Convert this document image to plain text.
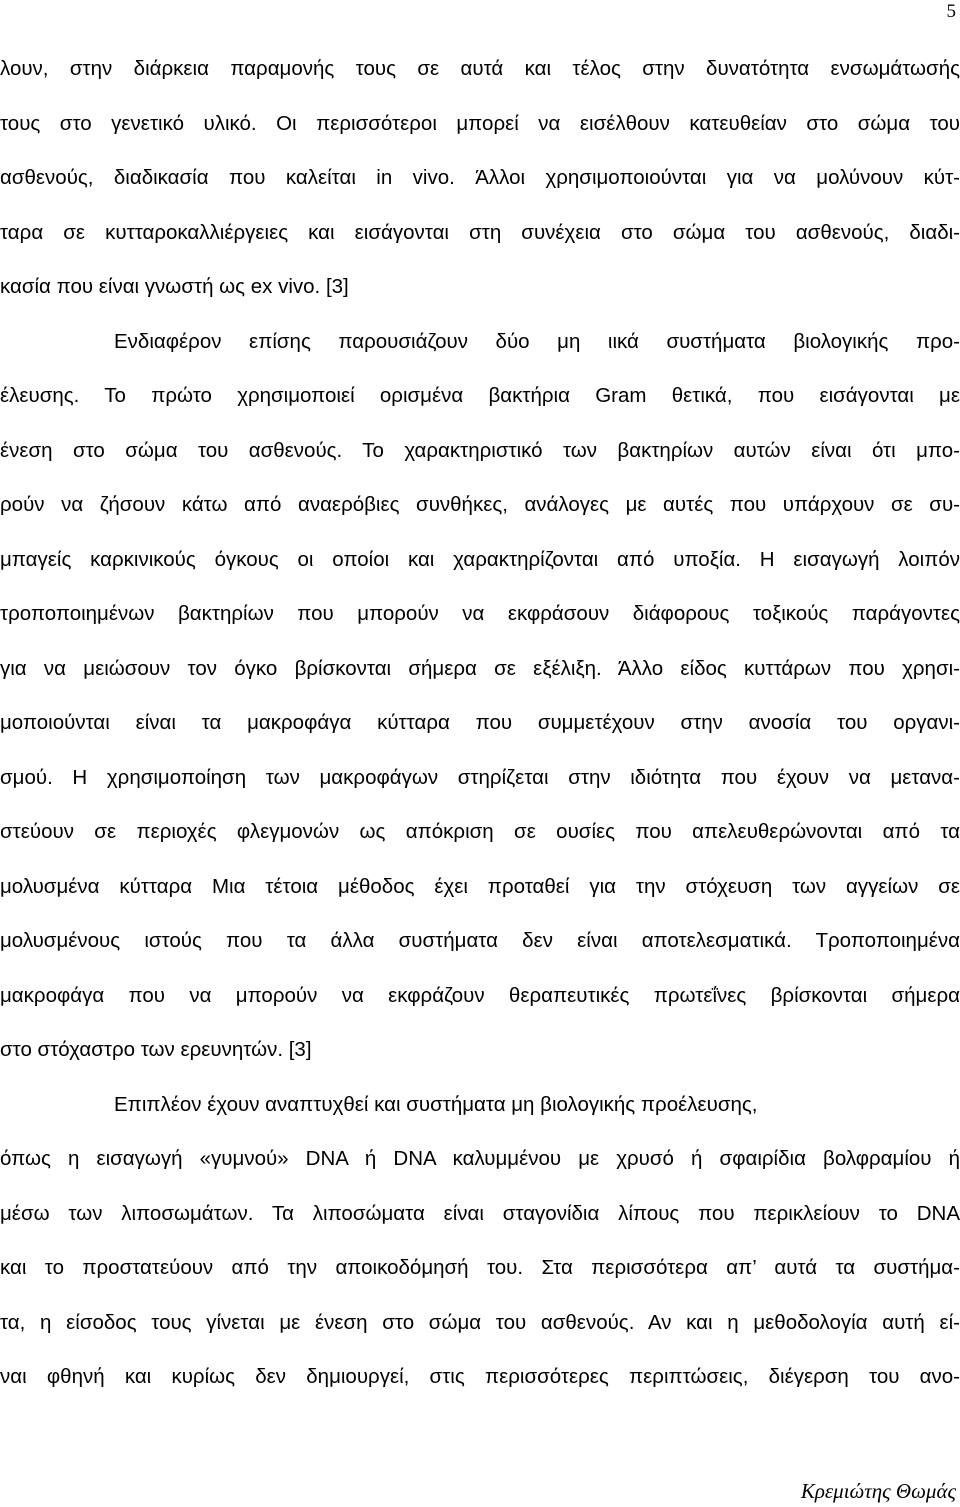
5
λουν, στην διάρκεια παραμονής τους σε αυτά και τέλος στην δυνατότητα ενσωμάτωσής
τους στο γενετικό υλικό. Οι περισσότεροι μπορεί να εισέλθουν κατευθείαν στο σώμα του
ασθενούς, διαδικασία που καλείται in vivo. Άλλοι χρησιμοποιούνται για να μολύνουν κύτ-
ταρα σε κυτταροκαλλιέργειες και εισάγονται στη συνέχεια στο σώμα του ασθενούς, διαδι-
κασία που είναι γνωστή ως ex vivo. [3]
Ενδιαφέρον επίσης παρουσιάζουν δύο μη ιικά συστήματα βιολογικής προ-
έλευσης. Το πρώτο χρησιμοποιεί ορισμένα βακτήρια Gram θετικά, που εισάγονται με
ένεση στο σώμα του ασθενούς. Το χαρακτηριστικό των βακτηρίων αυτών είναι ότι μπο-
ρούν να ζήσουν κάτω από αναερόβιες συνθήκες, ανάλογες με αυτές που υπάρχουν σε συ-
μπαγείς καρκινικούς όγκους οι οποίοι και χαρακτηρίζονται από υποξία. Η εισαγωγή λοιπόν
τροποποιημένων βακτηρίων που μπορούν να εκφράσουν διάφορους τοξικούς παράγοντες
για να μειώσουν τον όγκο βρίσκονται σήμερα σε εξέλιξη. Άλλο είδος κυττάρων που χρησι-
μοποιούνται είναι τα μακροφάγα κύτταρα που συμμετέχουν στην ανοσία του οργανι-
σμού. Η χρησιμοποίηση των μακροφάγων στηρίζεται στην ιδιότητα που έχουν να μετανα-
στεύουν σε περιοχές φλεγμονών ως απόκριση σε ουσίες που απελευθερώνονται από τα
μολυσμένα κύτταρα Μια τέτοια μέθοδος έχει προταθεί για την στόχευση των αγγείων σε
μολυσμένους ιστούς που τα άλλα συστήματα δεν είναι αποτελεσματικά. Τροποποιημένα
μακροφάγα που να μπορούν να εκφράζουν θεραπευτικές πρωτεΐνες βρίσκονται σήμερα
στο στόχαστρο των ερευνητών. [3]
Επιπλέον έχουν αναπτυχθεί και συστήματα μη βιολογικής προέλευσης,
όπως η εισαγωγή «γυμνού» DNA ή DNA καλυμμένου με χρυσό ή σφαιρίδια βολφραμίου ή
μέσω των λιποσωμάτων. Τα λιποσώματα είναι σταγονίδια λίπους που περικλείουν το DNA
και το προστατεύουν από την αποικοδόμησή του. Στα περισσότερα απ’ αυτά τα συστήμα-
τα, η είσοδος τους γίνεται με ένεση στο σώμα του ασθενούς. Αν και η μεθοδολογία αυτή εί-
ναι φθηνή και κυρίως δεν δημιουργεί, στις περισσότερες περιπτώσεις, διέγερση του ανο-
Κρεμιώτης Θωμάς
